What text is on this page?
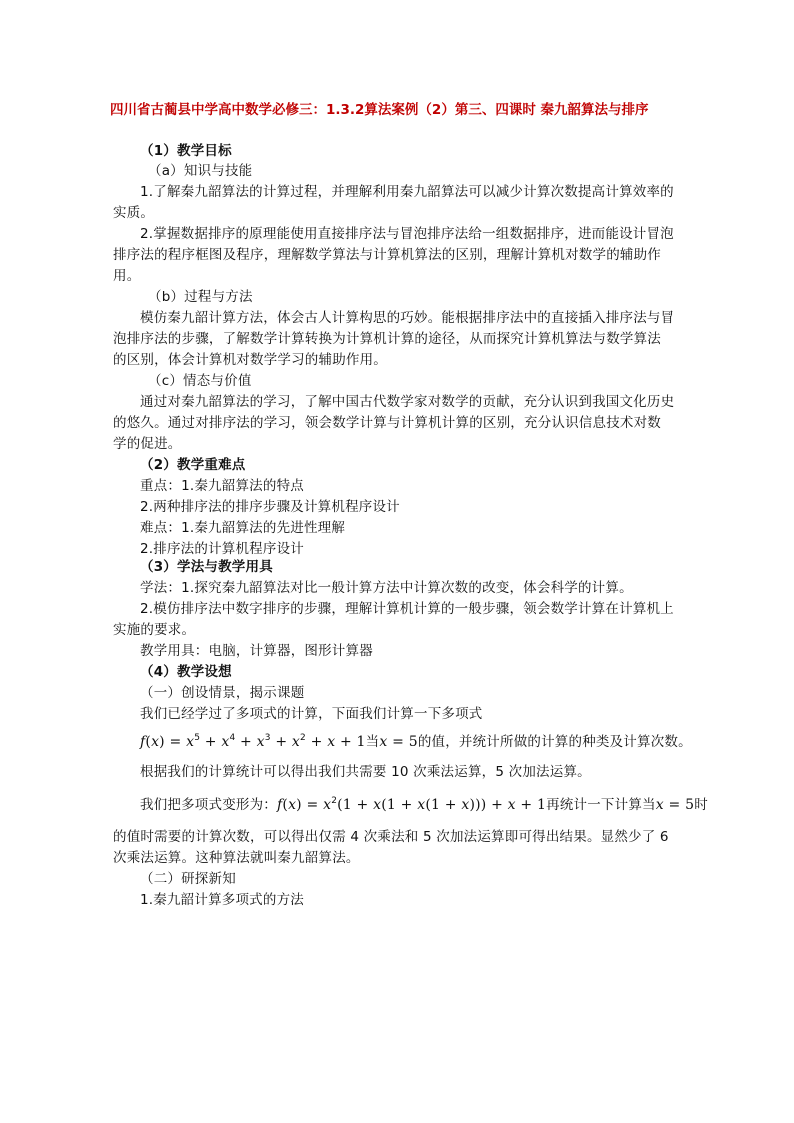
四川省古蔺县中学高中数学必修三：1.3.2算法案例（2）第三、四课时 秦九韶算法与排序
（1）教学目标
（a）知识与技能
1.了解秦九韶算法的计算过程，并理解利用秦九韶算法可以减少计算次数提高计算效率的
实质。
2.掌握数据排序的原理能使用直接排序法与冒泡排序法给一组数据排序，进而能设计冒泡
排序法的程序框图及程序，理解数学算法与计算机算法的区别，理解计算机对数学的辅助作
用。
（b）过程与方法
模仿秦九韶计算方法，体会古人计算构思的巧妙。能根据排序法中的直接插入排序法与冒
泡排序法的步骤，了解数学计算转换为计算机计算的途径，从而探究计算机算法与数学算法
的区别，体会计算机对数学学习的辅助作用。
（c）情态与价值
通过对秦九韶算法的学习，了解中国古代数学家对数学的贡献，充分认识到我国文化历史
的悠久。通过对排序法的学习，领会数学计算与计算机计算的区别，充分认识信息技术对数
学的促进。
（2）教学重难点
重点：1.秦九韶算法的特点
2.两种排序法的排序步骤及计算机程序设计
难点：1.秦九韶算法的先进性理解
2.排序法的计算机程序设计
（3）学法与教学用具
学法：1.探究秦九韶算法对比一般计算方法中计算次数的改变，体会科学的计算。
2.模仿排序法中数字排序的步骤，理解计算机计算的一般步骤，领会数学计算在计算机上
实施的要求。
教学用具：电脑，计算器，图形计算器
（4）教学设想
（一）创设情景，揭示课题
我们已经学过了多项式的计算，下面我们计算一下多项式
$f(x) = x^5 + x^4 + x^3 + x^2 + x + 1$当x = 5的值，并统计所做的计算的种类及计算次数。
根据我们的计算统计可以得出我们共需要 10 次乘法运算，5 次加法运算。
我们把多项式变形为：$f(x) = x^2(1 + x(1 + x(1 + x))) + x + 1$再统计一下计算当x = 5时
的值时需要的计算次数，可以得出仅需 4 次乘法和 5 次加法运算即可得出结果。显然少了 6
次乘法运算。这种算法就叫秦九韶算法。
（二）研探新知
1.秦九韶计算多项式的方法
